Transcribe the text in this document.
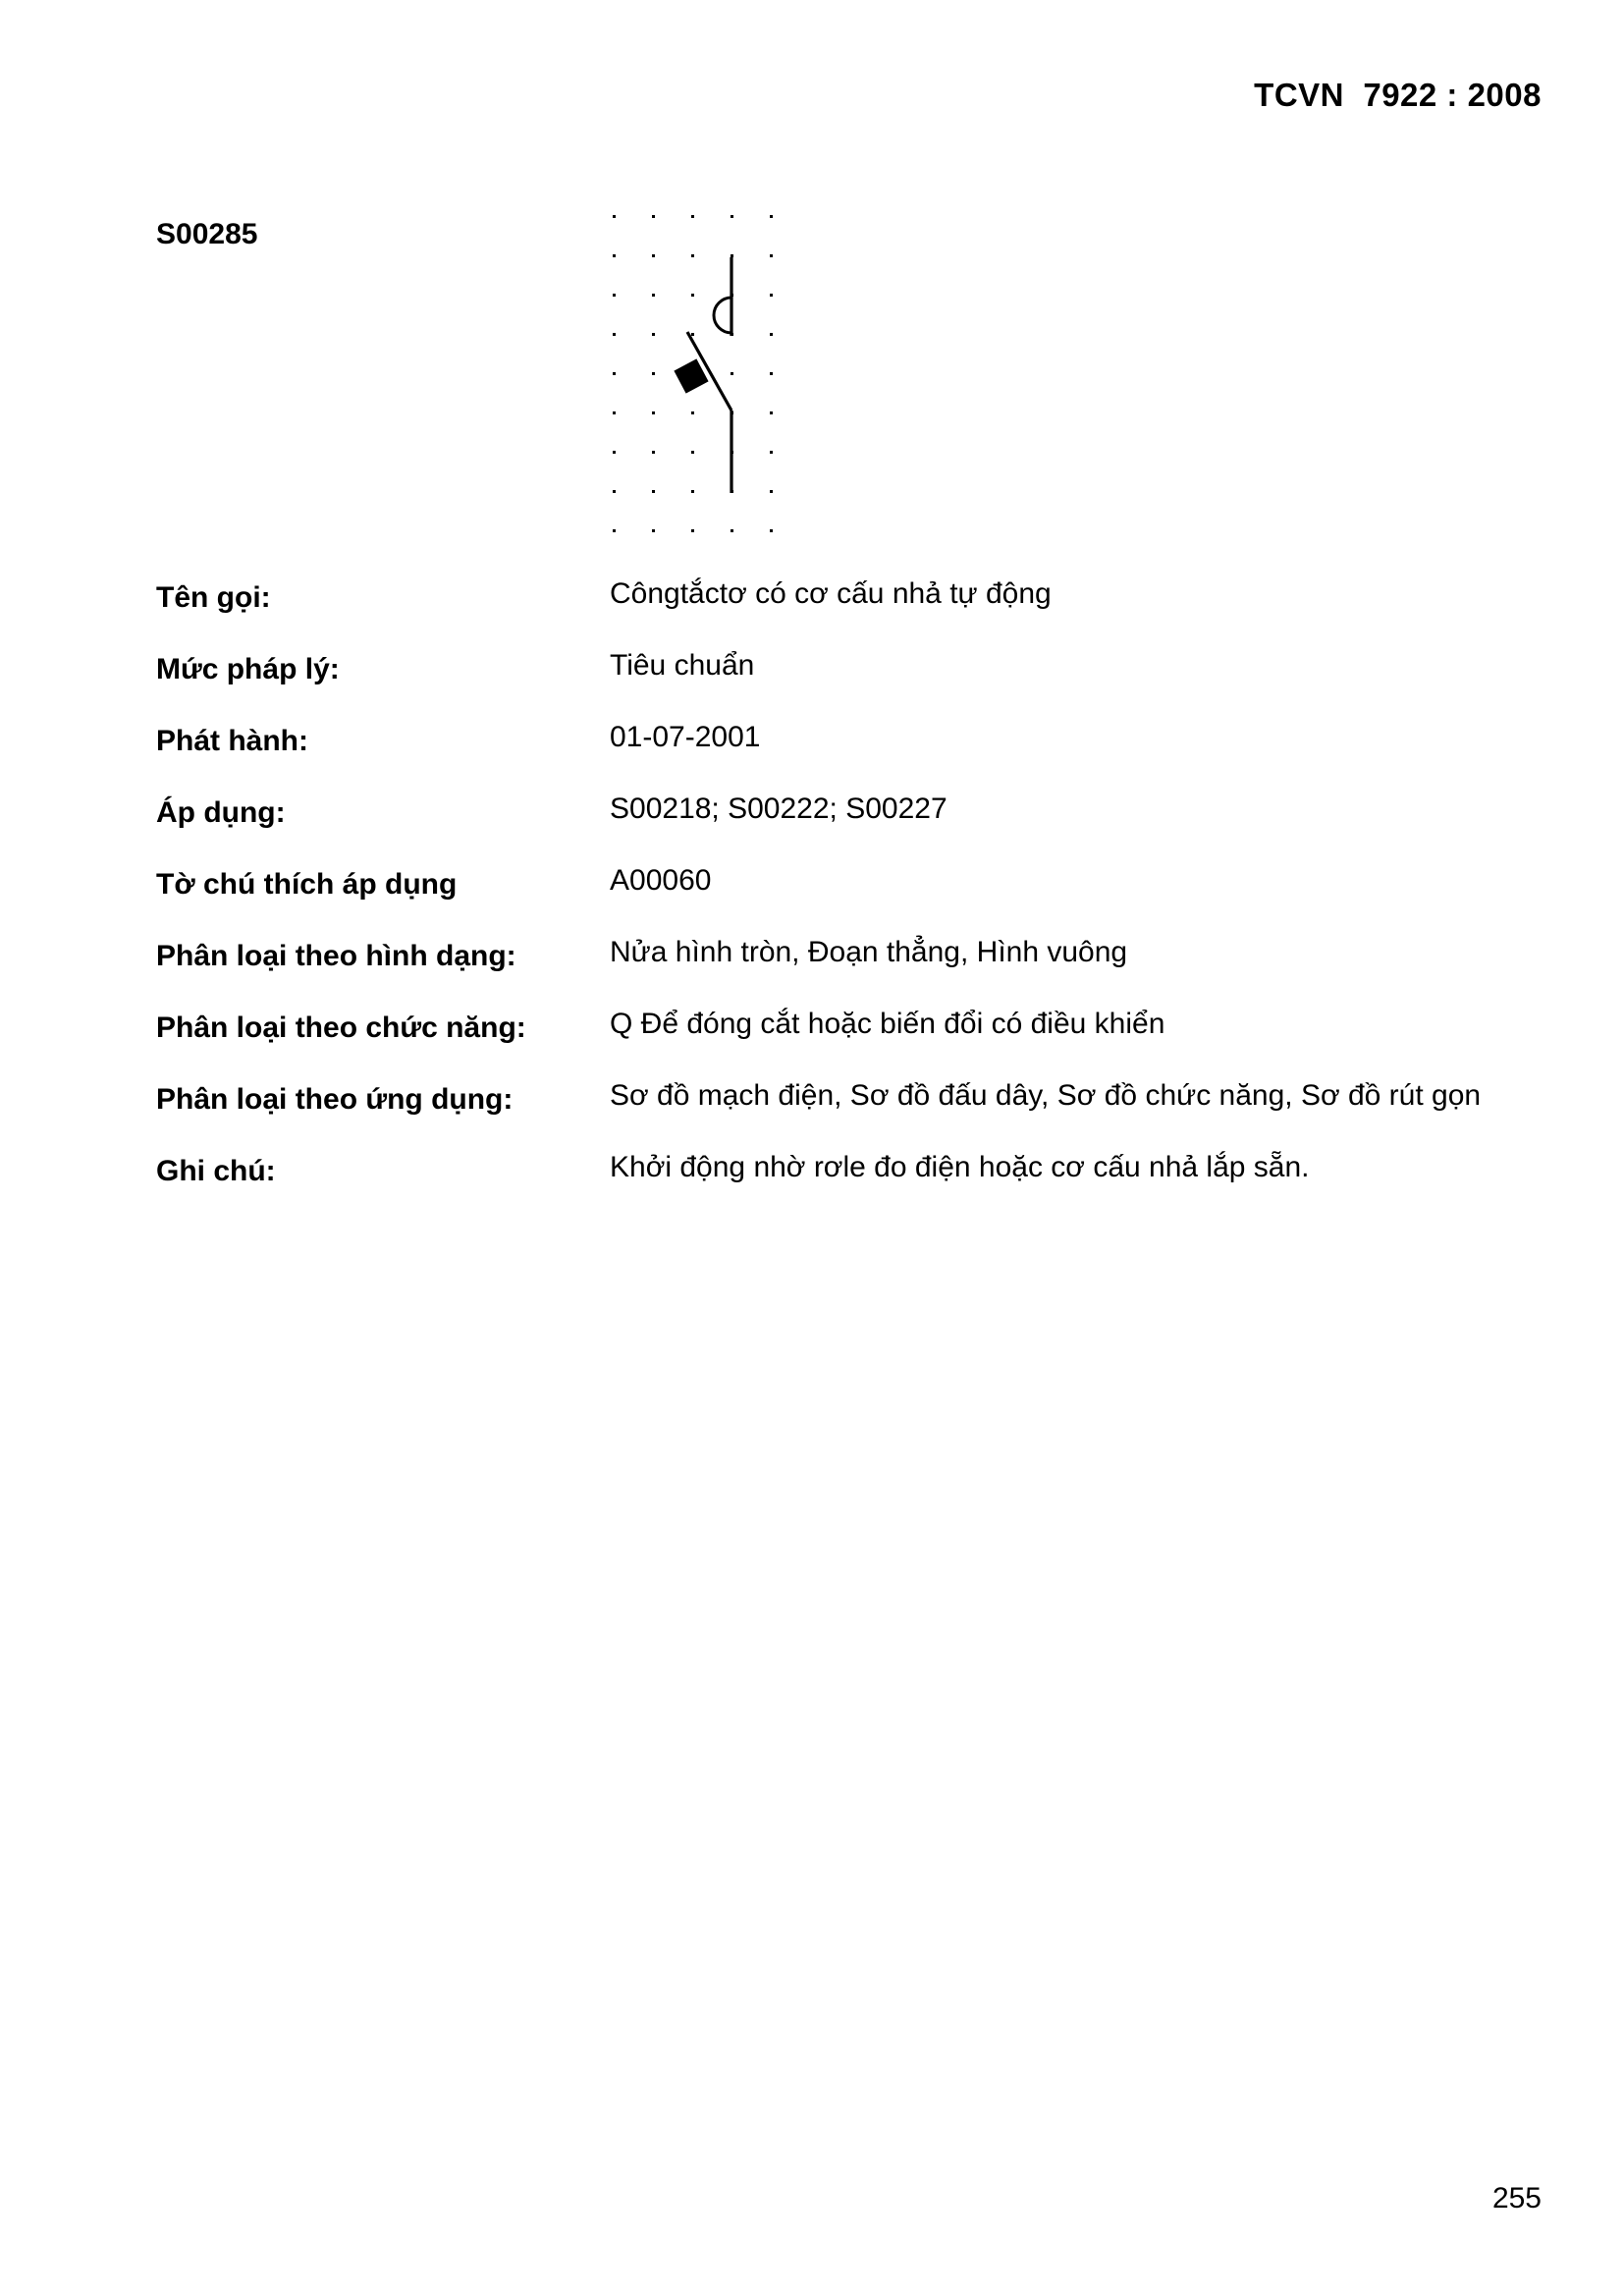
TCVN  7922 : 2008
S00285
Tên gọi:	Côngtắctơ có cơ cấu nhả tự động
Mức pháp lý:	Tiêu chuẩn
Phát hành:	01-07-2001
Áp dụng:	S00218; S00222; S00227
Tờ chú thích áp dụng	A00060
Phân loại theo hình dạng:	Nửa hình tròn, Đoạn thẳng, Hình vuông
Phân loại theo chức năng:	Q Để đóng cắt hoặc biến đổi có điều khiển
Phân loại theo ứng dụng:	Sơ đồ mạch điện, Sơ đồ đấu dây, Sơ đồ chức năng, Sơ đồ rút gọn
Ghi chú:	Khởi động nhờ rơle đo điện hoặc cơ cấu nhả lắp sẵn.
255
